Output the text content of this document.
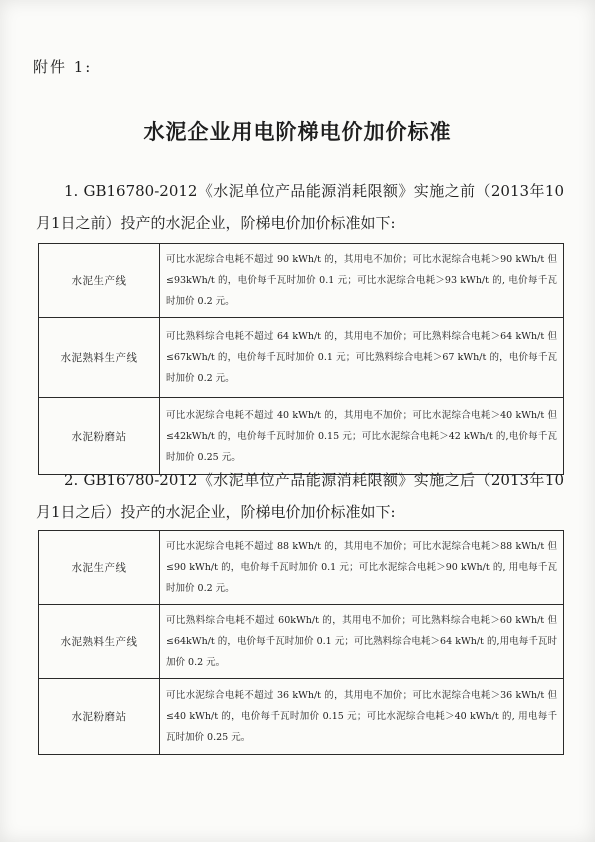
附件 1:
水泥企业用电阶梯电价加价标准
1. GB16780-2012《水泥单位产品能源消耗限额》实施之前（2013年10月1日之前）投产的水泥企业，阶梯电价加价标准如下:
水泥生产线	可比水泥综合电耗不超过 90 kWh/t 的，其用电不加价；可比水泥综合电耗＞90 kWh/t 但≤93kWh/t 的，电价每千瓦时加价 0.1 元；可比水泥综合电耗＞93 kWh/t 的, 电价每千瓦时加价 0.2 元。
水泥熟料生产线	可比熟料综合电耗不超过 64 kWh/t 的，其用电不加价；可比熟料综合电耗＞64 kWh/t 但≤67kWh/t 的，电价每千瓦时加价 0.1 元；可比熟料综合电耗＞67 kWh/t 的，电价每千瓦时加价 0.2 元。
水泥粉磨站	可比水泥综合电耗不超过 40 kWh/t 的，其用电不加价；可比水泥综合电耗＞40 kWh/t 但≤42kWh/t 的，电价每千瓦时加价 0.15 元；可比水泥综合电耗＞42 kWh/t 的,电价每千瓦时加价 0.25 元。
2. GB16780-2012《水泥单位产品能源消耗限额》实施之后（2013年10月1日之后）投产的水泥企业，阶梯电价加价标准如下:
水泥生产线	可比水泥综合电耗不超过 88 kWh/t 的，其用电不加价；可比水泥综合电耗＞88 kWh/t 但≤90 kWh/t 的，电价每千瓦时加价 0.1 元；可比水泥综合电耗＞90 kWh/t 的, 用电每千瓦时加价 0.2 元。
水泥熟料生产线	可比熟料综合电耗不超过 60kWh/t 的，其用电不加价；可比熟料综合电耗＞60 kWh/t 但≤64kWh/t 的，电价每千瓦时加价 0.1 元；可比熟料综合电耗＞64 kWh/t 的,用电每千瓦时加价 0.2 元。
水泥粉磨站	可比水泥综合电耗不超过 36 kWh/t 的，其用电不加价；可比水泥综合电耗＞36 kWh/t 但≤40 kWh/t 的，电价每千瓦时加价 0.15 元；可比水泥综合电耗＞40 kWh/t 的, 用电每千瓦时加价 0.25 元。
